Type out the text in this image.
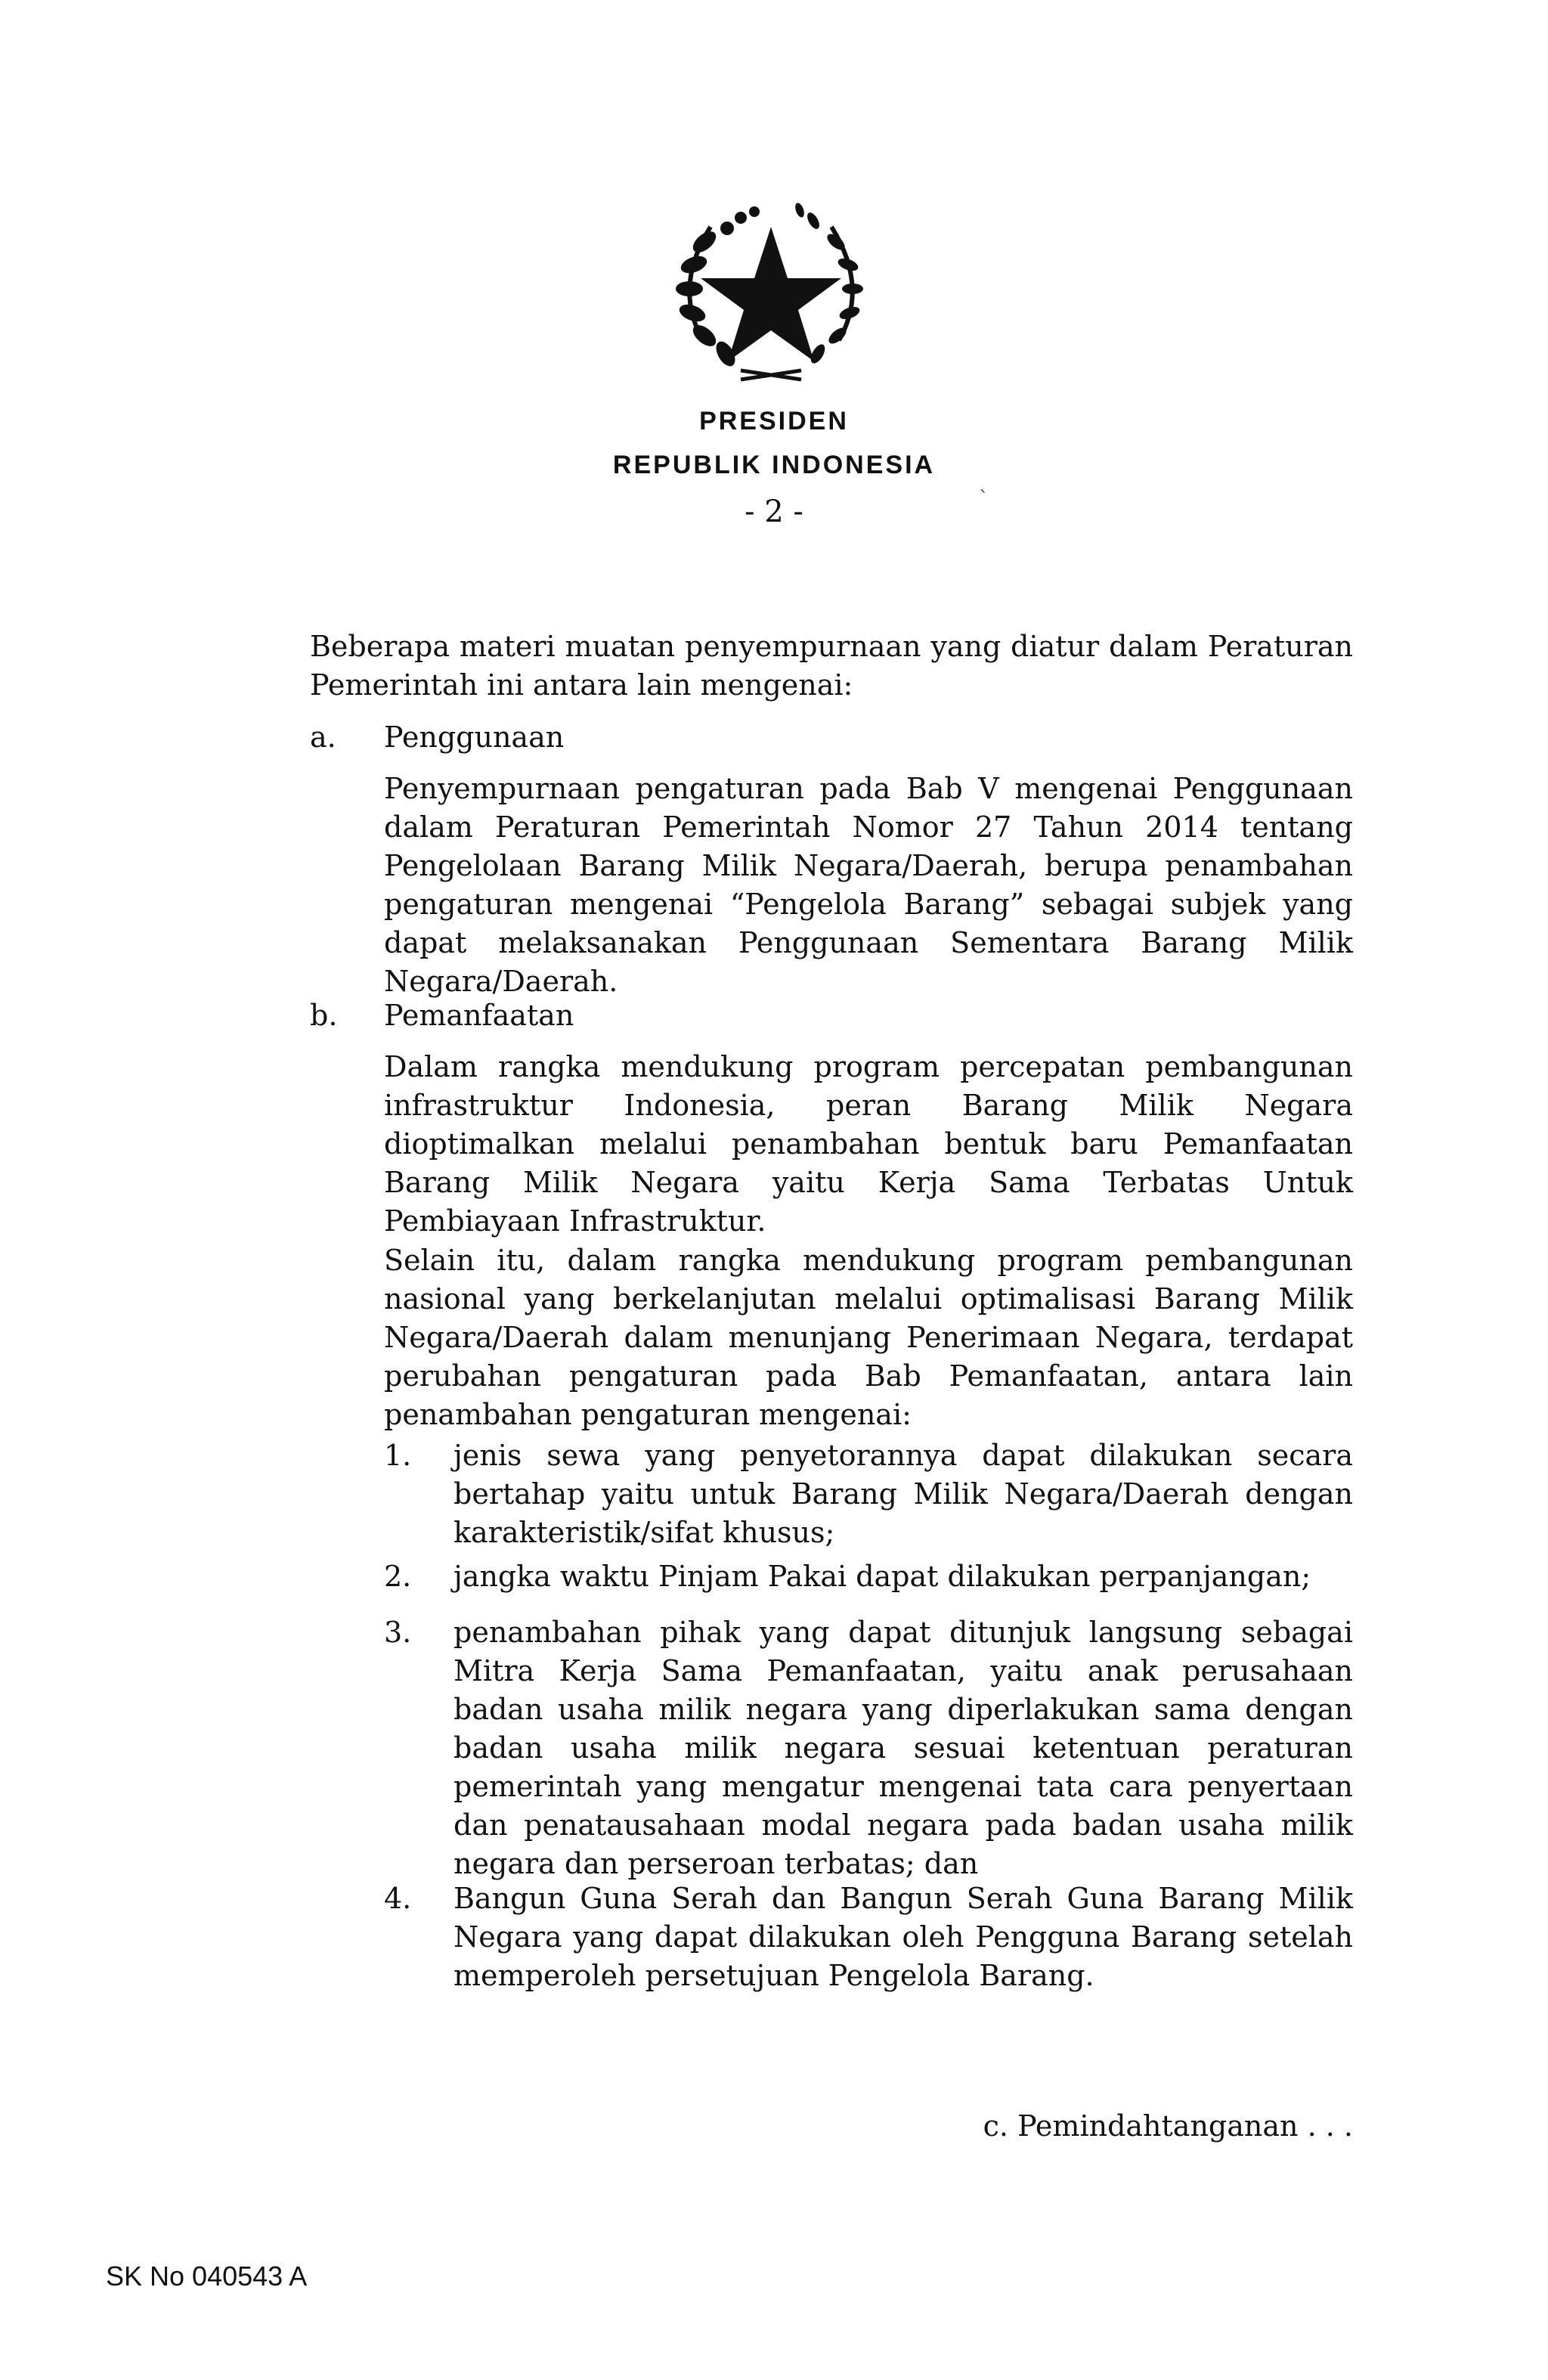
PRESIDEN
REPUBLIK INDONESIA
- 2 -	ˋ
Beberapa materi muatan penyempurnaan yang diatur dalam Peraturan Pemerintah ini antara lain mengenai:
a. Penggunaan
Penyempurnaan pengaturan pada Bab V mengenai Penggunaan
dalam Peraturan Pemerintah Nomor 27 Tahun 2014 tentang
Pengelolaan Barang Milik Negara/Daerah, berupa penambahan
pengaturan mengenai “Pengelola Barang” sebagai subjek yang
dapat melaksanakan Penggunaan Sementara Barang Milik
Negara/Daerah.
b. Pemanfaatan
Dalam rangka mendukung program percepatan pembangunan
infrastruktur Indonesia, peran Barang Milik Negara
dioptimalkan melalui penambahan bentuk baru Pemanfaatan
Barang Milik Negara yaitu Kerja Sama Terbatas Untuk
Pembiayaan Infrastruktur.
Selain itu, dalam rangka mendukung program pembangunan
nasional yang berkelanjutan melalui optimalisasi Barang Milik
Negara/Daerah dalam menunjang Penerimaan Negara, terdapat
perubahan pengaturan pada Bab Pemanfaatan, antara lain
penambahan pengaturan mengenai:
1.	jenis sewa yang penyetorannya dapat dilakukan secara
bertahap yaitu untuk Barang Milik Negara/Daerah dengan
karakteristik/sifat khusus;
2.	jangka waktu Pinjam Pakai dapat dilakukan perpanjangan;
3.	penambahan pihak yang dapat ditunjuk langsung sebagai
Mitra Kerja Sama Pemanfaatan, yaitu anak perusahaan
badan usaha milik negara yang diperlakukan sama dengan
badan usaha milik negara sesuai ketentuan peraturan
pemerintah yang mengatur mengenai tata cara penyertaan
dan penatausahaan modal negara pada badan usaha milik
negara dan perseroan terbatas; dan
4.	Bangun Guna Serah dan Bangun Serah Guna Barang Milik
Negara yang dapat dilakukan oleh Pengguna Barang setelah
memperoleh persetujuan Pengelola Barang.
c. Pemindahtanganan . . .
SK No 040543 A
